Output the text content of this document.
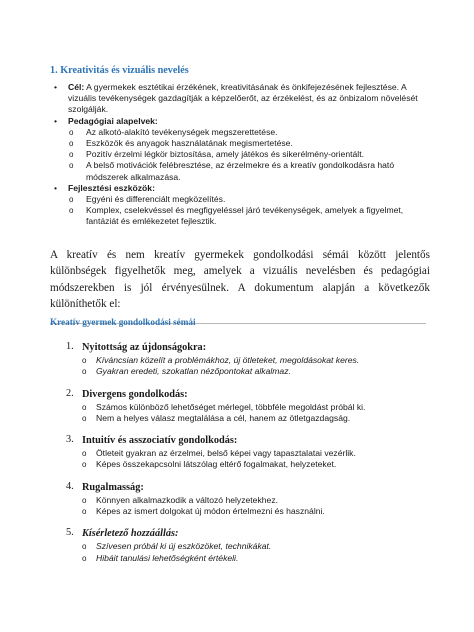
1. Kreativitás és vizuális nevelés
• Cél: A gyermekek esztétikai érzékének, kreativitásának és önkifejezésének fejlesztése. A vizuális tevékenységek gazdagítják a képzelőerőt, az érzékelést, és az önbizalom növelését szolgálják.
• Pedagógiai alapelvek:
o Az alkotó-alakító tevékenységek megszerettetése.
o Eszközök és anyagok használatának megismertetése.
o Pozitív érzelmi légkör biztosítása, amely játékos és sikerélmény-orientált.
o A belső motivációk felébresztése, az érzelmekre és a kreatív gondolkodásra ható módszerek alkalmazása.
• Fejlesztési eszközök:
o Egyéni és differenciált megközelítés.
o Komplex, cselekvéssel és megfigyeléssel járó tevékenységek, amelyek a figyelmet, fantáziát és emlékezetet fejlesztik.

A kreatív és nem kreatív gyermekek gondolkodási sémái között jelentős különbségek figyelhetők meg, amelyek a vizuális nevelésben és pedagógiai módszerekben is jól érvényesülnek. A dokumentum alapján a következők különíthetők el:

Kreatív gyermek gondolkodási sémái
1. Nyitottság az újdonságokra:
o Kíváncsian közelít a problémákhoz, új ötleteket, megoldásokat keres.
o Gyakran eredeti, szokatlan nézőpontokat alkalmaz.
2. Divergens gondolkodás:
o Számos különböző lehetőséget mérlegel, többféle megoldást próbál ki.
o Nem a helyes válasz megtalálása a cél, hanem az ötletgazdagság.
3. Intuitív és asszociatív gondolkodás:
o Ötleteit gyakran az érzelmei, belső képei vagy tapasztalatai vezérlik.
o Képes összekapcsolni látszólag eltérő fogalmakat, helyzeteket.
4. Rugalmasság:
o Könnyen alkalmazkodik a változó helyzetekhez.
o Képes az ismert dolgokat új módon értelmezni és használni.
5. Kísérletező hozzáállás:
o Szívesen próbál ki új eszközöket, technikákat.
o Hibáit tanulási lehetőségként értékeli.
